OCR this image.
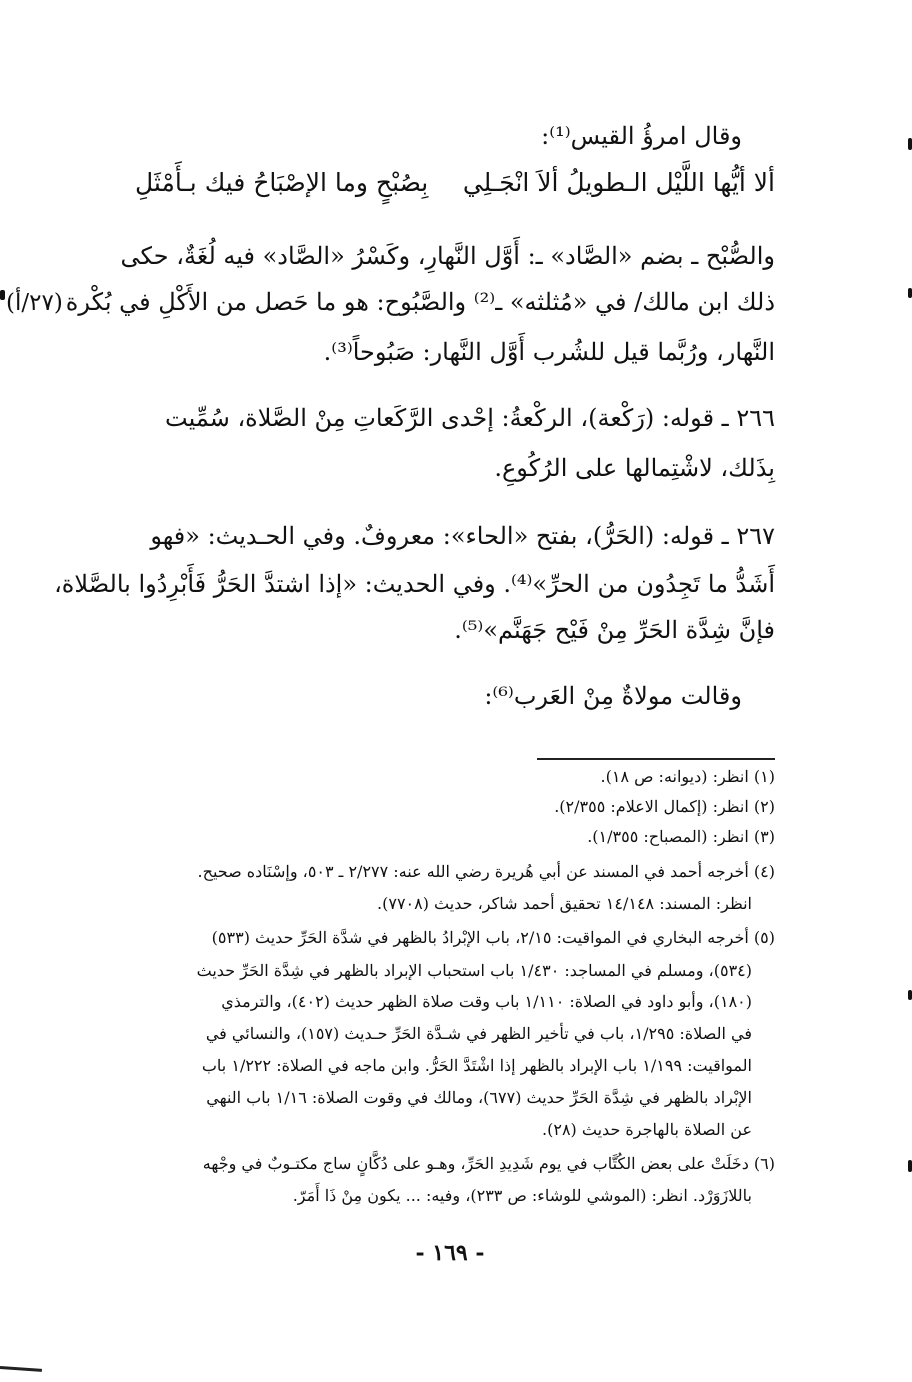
وقال امرؤُ القيس⁽¹⁾:
ألا أيُّها اللَّيْل الـطويلُ ألاَ انْجَـلِي
بِصُبْحٍ وما الإصْبَاحُ فيك بـأَمْثَلِ
والصُّبْح ـ بضم «الصَّاد» ـ: أَوَّل النَّهارِ، وكَسْرُ «الصَّاد» فيه لُغَةٌ، حكى
ذلك ابن مالك/ في «مُثلثه» ـ⁽²⁾ والصَّبُوح: هو ما حَصل من الأَكْلِ في بُكْرة
النَّهار، ورُبَّما قيل للشُرب أَوَّل النَّهار: صَبُوحاً⁽³⁾.
٢٦٦ ـ قوله: (رَكْعة)، الركْعةُ: إحْدى الرَّكَعاتِ مِنْ الصَّلاة، سُمِّيت
بِذَلك، لاشْتِمالها على الرُكُوعِ.
٢٦٧ ـ قوله: (الحَرُّ)، بفتح «الحاء»: معروفٌ. وفي الحـديث: «فهو
أَشَدُّ ما تَجِدُون من الحرِّ»⁽⁴⁾. وفي الحديث: «إذا اشتدَّ الحَرُّ فَأَبْرِدُوا بالصَّلاة،
فإنَّ شِدَّة الحَرِّ مِنْ فَيْح جَهَنَّم»⁽⁵⁾.
وقالت مولاةٌ مِنْ العَرب⁽⁶⁾:
(٢٧/أ)
(١) انظر: (ديوانه: ص ١٨).
(٢) انظر: (إكمال الاعلام: ٢/٣٥٥).
(٣) انظر: (المصباح: ١/٣٥٥).
(٤) أخرجه أحمد في المسند عن أبي هُريرة رضي الله عنه: ٢/٢٧٧ ـ ٥٠٣، وإسْنَاده صحيح.
انظر: المسند: ١٤/١٤٨ تحقيق أحمد شاكر، حديث (٧٧٠٨).
(٥) أخرجه البخاري في المواقيت: ٢/١٥، باب الإبْرادُ بالظهر في شدَّة الحَرِّ حديث (٥٣٣)
(٥٣٤)، ومسلم في المساجد: ١/٤٣٠ باب استحباب الإبراد بالظهر في شِدَّة الحَرِّ حديث
(١٨٠)، وأبو داود في الصلاة: ١/١١٠ باب وقت صلاة الظهر حديث (٤٠٢)، والترمذي
في الصلاة: ١/٢٩٥، باب في تأخير الظهر في شـدَّة الحَرِّ حـديث (١٥٧)، والنسائي في
المواقيت: ١/١٩٩ باب الإبراد بالظهر إذا اشْتَدَّ الحَرُّ. وابن ماجه في الصلاة: ١/٢٢٢ باب
الإبْراد بالظهر في شِدَّة الحَرِّ حديث (٦٧٧)، ومالك في وقوت الصلاة: ١/١٦ باب النهي
عن الصلاة بالهاجرة حديث (٢٨).
(٦) دخَلَتْ على بعض الكُتَّاب في يوم شَدِيدِ الحَرِّ، وهـو على دُكَّانٍ ساج مكتـوبٌ في وجْهه
باللازَوَرْد. انظر: (الموشي للوشاء: ص ٢٣٣)، وفيه: ... يكون مِنْ ذَا أَمَرّ.
- ١٦٩ -
